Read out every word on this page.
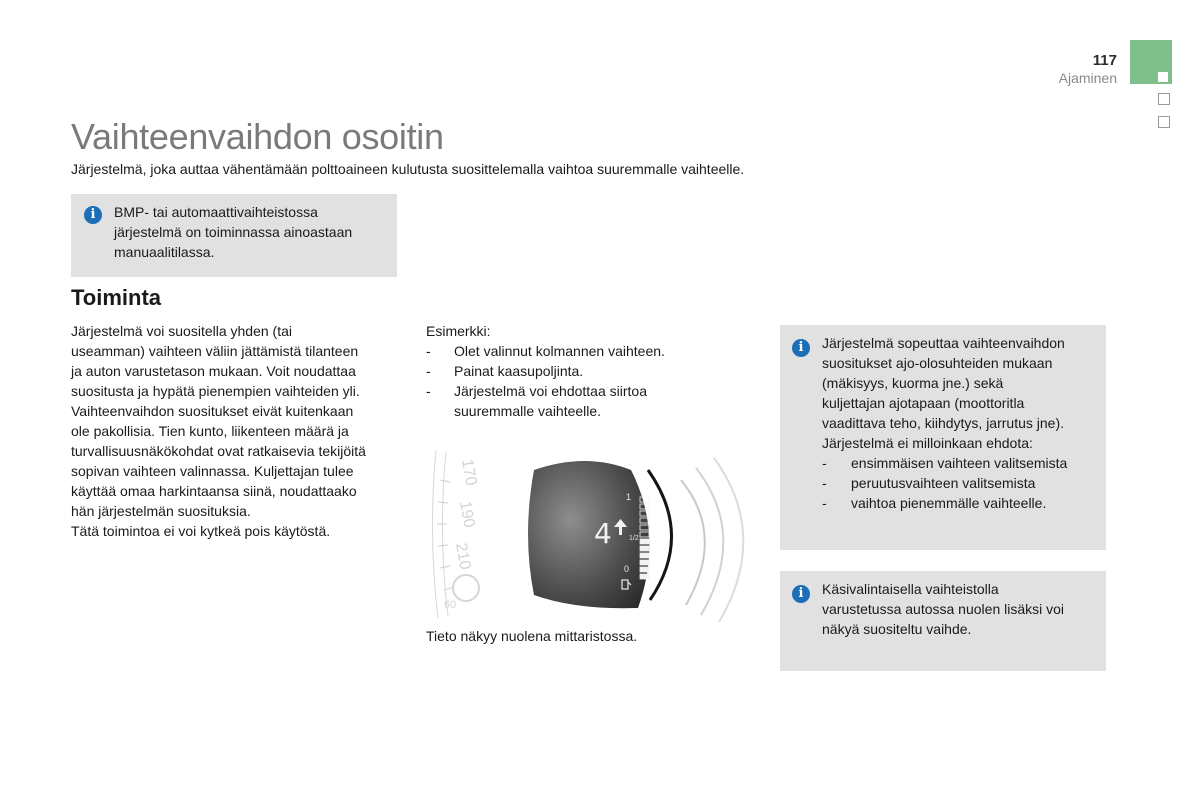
117
Ajaminen
Vaihteenvaihdon osoitin
Järjestelmä, joka auttaa vähentämään polttoaineen kulutusta suosittelemalla vaihtoa suuremmalle vaihteelle.
i	BMP- tai automaattivaihteistossa
järjestelmä on toiminnassa ainoastaan
manuaalitilassa.
Toiminta

Järjestelmä voi suositella yhden (tai

useamman) vaihteen väliin jättämistä tilanteen

ja auton varustetason mukaan. Voit noudattaa

suositusta ja hypätä pienempien vaihteiden yli.

Vaihteenvaihdon suositukset eivät kuitenkaan

ole pakollisia. Tien kunto, liikenteen määrä ja

turvallisuusnäkökohdat ovat ratkaisevia tekijöitä

sopivan vaihteen valinnassa. Kuljettajan tulee

käyttää omaa harkintaansa siinä, noudattaako

hän järjestelmän suosituksia.

Tätä toimintoa ei voi kytkeä pois käytöstä.

Esimerkki:
- Olet valinnut kolmannen vaihteen.
- Painat kaasupoljinta.
- Järjestelmä voi ehdottaa siirtoa
suuremmalle vaihteelle.
170
190
210
60
4
1
1/2
0
Tieto näkyy nuolena mittaristossa.
i	Järjestelmä sopeuttaa vaihteenvaihdon
suositukset ajo-olosuhteiden mukaan
(mäkisyys, kuorma jne.) sekä
kuljettajan ajotapaan (moottoritla
vaadittava teho, kiihdytys, jarrutus jne).
Järjestelmä ei milloinkaan ehdota:
- ensimmäisen vaihteen valitsemista
- peruutusvaihteen valitsemista
- vaihtoa pienemmälle vaihteelle.
i	Käsivalintaisella vaihteistolla
varustetussa autossa nuolen lisäksi voi
näkyä suositeltu vaihde.
